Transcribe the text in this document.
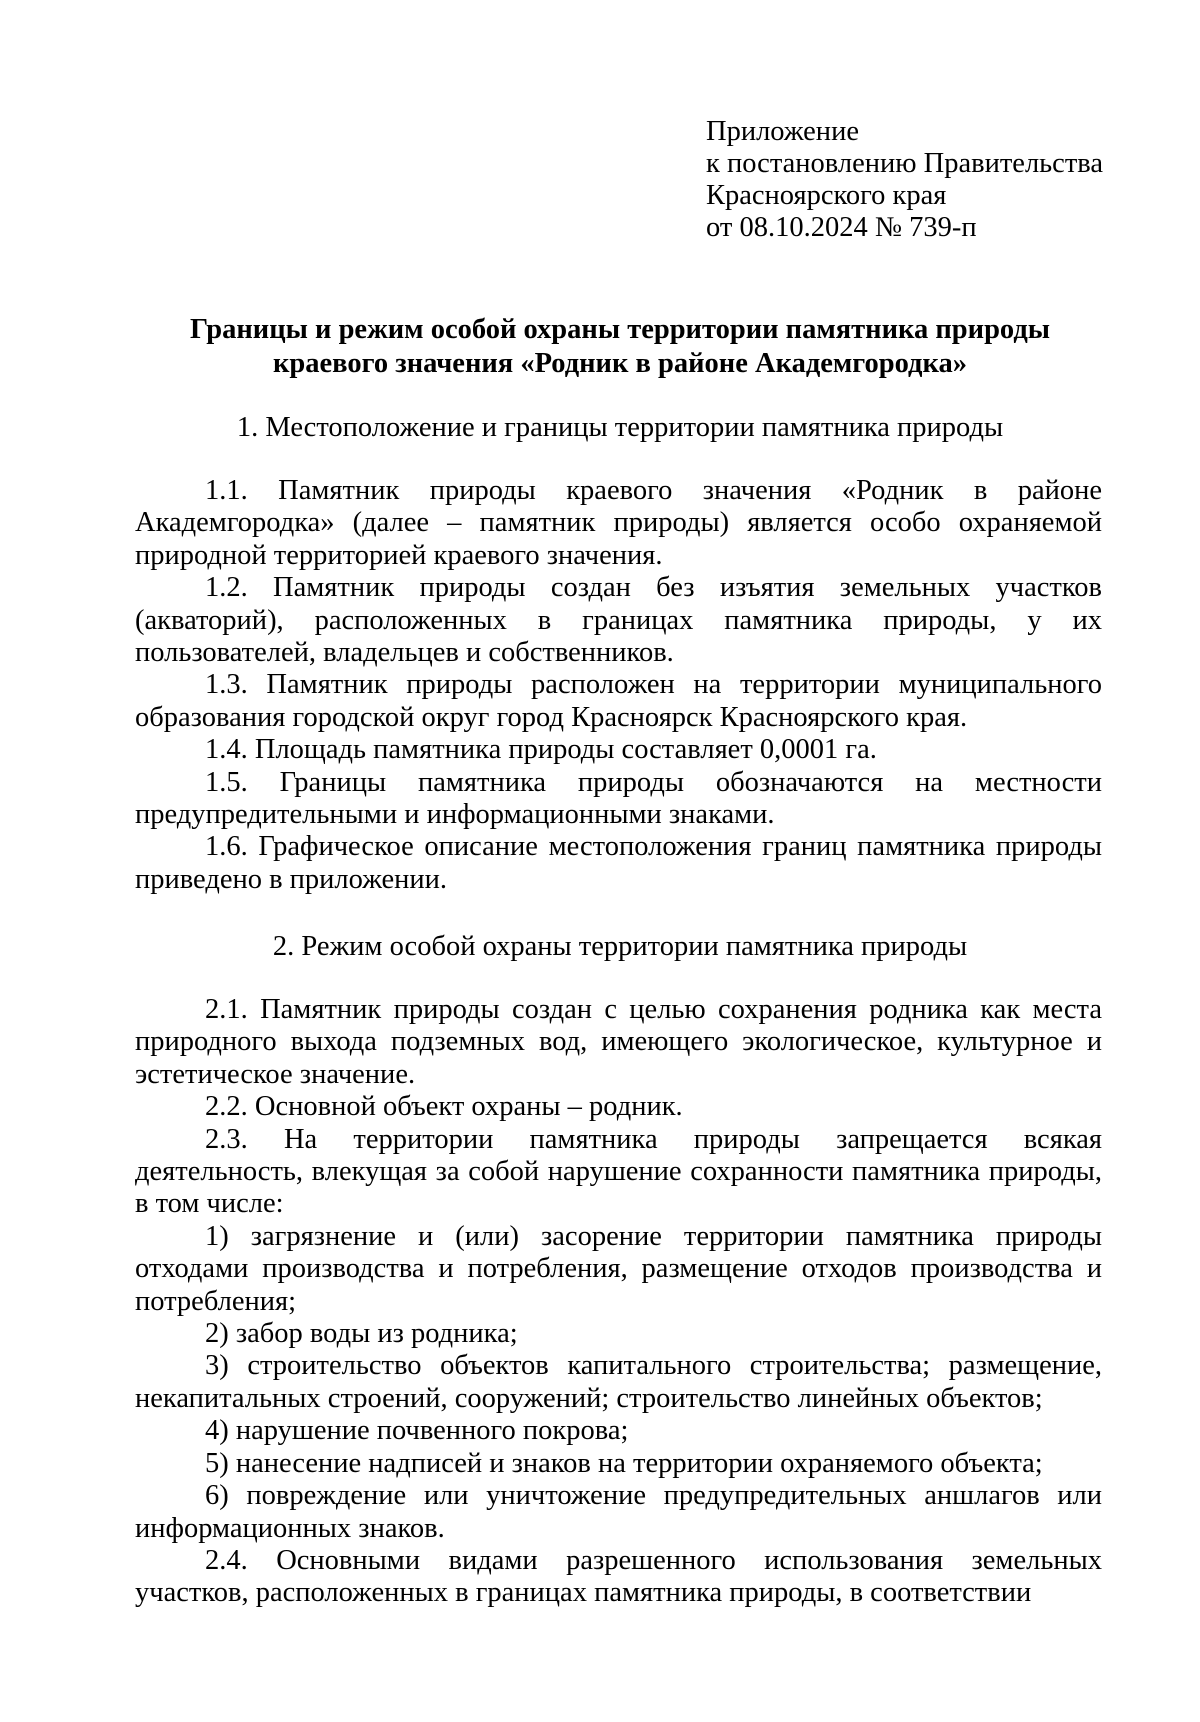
Приложение
к постановлению Правительства
Красноярского края
от 08.10.2024 № 739-п
Границы и режим особой охраны территории памятника природы
краевого значения «Родник в районе Академгородка»
1. Местоположение и границы территории памятника природы

1.1. Памятник природы краевого значения «Родник в районе Академгородка» (далее – памятник природы) является особо охраняемой природной территорией краевого значения.

1.2. Памятник природы создан без изъятия земельных участков (акваторий), расположенных в границах памятника природы, у их пользователей, владельцев и собственников.

1.3. Памятник природы расположен на территории муниципального образования городской округ город Красноярск Красноярского края.

1.4. Площадь памятника природы составляет 0,0001 га.

1.5. Границы памятника природы обозначаются на местности предупредительными и информационными знаками.

1.6. Графическое описание местоположения границ памятника природы приведено в приложении.

2. Режим особой охраны территории памятника природы

2.1. Памятник природы создан с целью сохранения родника как места природного выхода подземных вод, имеющего экологическое, культурное и эстетическое значение.

2.2. Основной объект охраны – родник.

2.3. На территории памятника природы запрещается всякая деятельность, влекущая за собой нарушение сохранности памятника природы, в том числе:

1) загрязнение и (или) засорение территории памятника природы отходами производства и потребления, размещение отходов производства и потребления;

2) забор воды из родника;

3) строительство объектов капитального строительства; размещение, некапитальных строений, сооружений; строительство линейных объектов;

4) нарушение почвенного покрова;

5) нанесение надписей и знаков на территории охраняемого объекта;

6) повреждение или уничтожение предупредительных аншлагов или информационных знаков.

2.4. Основными видами разрешенного использования земельных участков, расположенных в границах памятника природы, в соответствии
